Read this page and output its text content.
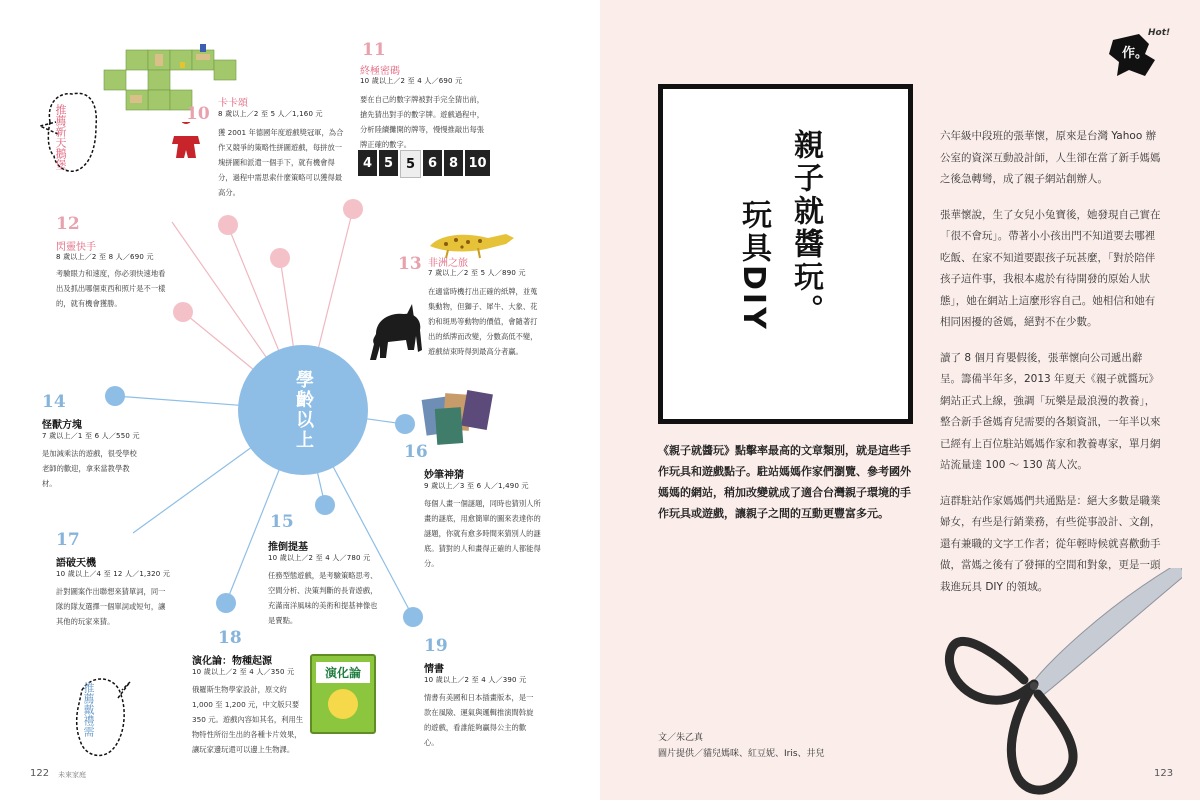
學齡以上
推薦新天鵝堡
推薦戴禮需
10
卡卡頌
8 歲以上／2 至 5 人／1,160 元
獲 2001 年德國年度遊戲獎冠軍，為合作又競爭的策略性拼圖遊戲，每拼放一塊拼圖和派遣一個手下，就有機會得分，過程中需思索什麼策略可以獲得最高分。
11
終極密碼
10 歲以上／2 至 4 人／690 元
要在自己的數字牌被對手完全猜出前，搶先猜出對手的數字牌。遊戲過程中，分析陸續攤開的牌等，慢慢推敲出每張牌正確的數字。
4 5 5 6 8 10
12
閃靈快手
8 歲以上／2 至 8 人／690 元
考驗眼力和速度，你必須快速地看出及抓出哪個東西和照片是不一樣的，就有機會獲勝。
13 非洲之旅
7 歲以上／2 至 5 人／890 元
在適當時機打出正確的紙牌，並蒐集動物，但獅子、犀牛、大象、花豹和斑馬等動物的價值，會隨著打出的紙牌而改變，分數高低不變，遊戲結束時得到最高分者贏。
14
怪獸方塊
7 歲以上／1 至 6 人／550 元
是加減乘法的遊戲，很受學校老師的歡迎，拿來當教學教材。
16
妙筆神猜
9 歲以上／3 至 6 人／1,490 元
每個人畫一個謎題，同時也猜別人所畫的謎底，用愈簡單的圖來表達你的謎題，你就有愈多時間來猜別人的謎底。猜對的人和畫得正確的人都能得分。
15
推倒提基
10 歲以上／2 至 4 人／780 元
任務型態遊戲，是考驗策略思考、空間分析、決策判斷的長青遊戲，充滿南洋風味的美術和提基神像也是賣點。
17
語破天機
10 歲以上／4 至 12 人／1,320 元
計對圖案作出聯想來猜單詞，同一隊的隊友選擇一個單詞或短句，讓其他的玩家來猜。
18
演化論：物種起源
10 歲以上／2 至 4 人／350 元
俄羅斯生物學家設計，原文約 1,000 至 1,200 元，中文版只要 350 元。遊戲內容如其名，利用生物特性所衍生出的各種卡片效果，讓玩家邊玩還可以邊上生物課。
演化論
19
情書
10 歲以上／2 至 4 人／390 元
情書有美國和日本插畫版本，是一款在風險、運氣與邏輯推演間斡旋的遊戲，看誰能夠贏得公主的歡心。
122 未來家庭
作。
Hot!
親子就醬玩。
玩具DIY
《親子就醬玩》點擊率最高的文章類別，就是這些手作玩具和遊戲點子。駐站媽媽作家們瀏覽、參考國外媽媽的網站，稍加改變就成了適合台灣親子環境的手作玩具或遊戲，讓親子之間的互動更豐富多元。

六年級中段班的張華懷，原來是台灣 Yahoo 辦公室的資深互動設計師，人生卻在當了新手媽媽之後急轉彎，成了親子網站創辦人。

張華懷說，生了女兒小兔寶後，她發現自己實在「很不會玩」。帶著小小孩出門不知道要去哪裡吃飯、在家不知道要跟孩子玩甚麼，「對於陪伴孩子這件事，我根本處於有待開發的原始人狀態」，她在網站上這麼形容自己。她相信和她有相同困擾的爸媽，絕對不在少數。

讀了 8 個月育嬰假後，張華懷向公司遞出辭呈。籌備半年多，2013 年夏天《親子就醬玩》網站正式上線，強調「玩樂是最浪漫的教養」，整合新手爸媽育兒需要的各類資訊，一年半以來已經有上百位駐站媽媽作家和教養專家，單月網站流量達 100 ～ 130 萬人次。

這群駐站作家媽媽們共通點是：絕大多數是職業婦女，有些是行銷業務，有些從事設計、文創，還有兼職的文字工作者；從年輕時候就喜歡動手做，當媽之後有了發揮的空間和對象，更是一頭栽進玩具 DIY 的領域。

文／朱乙真
圖片提供／貓兒媽咪、紅豆妮、Iris、井兒
123
